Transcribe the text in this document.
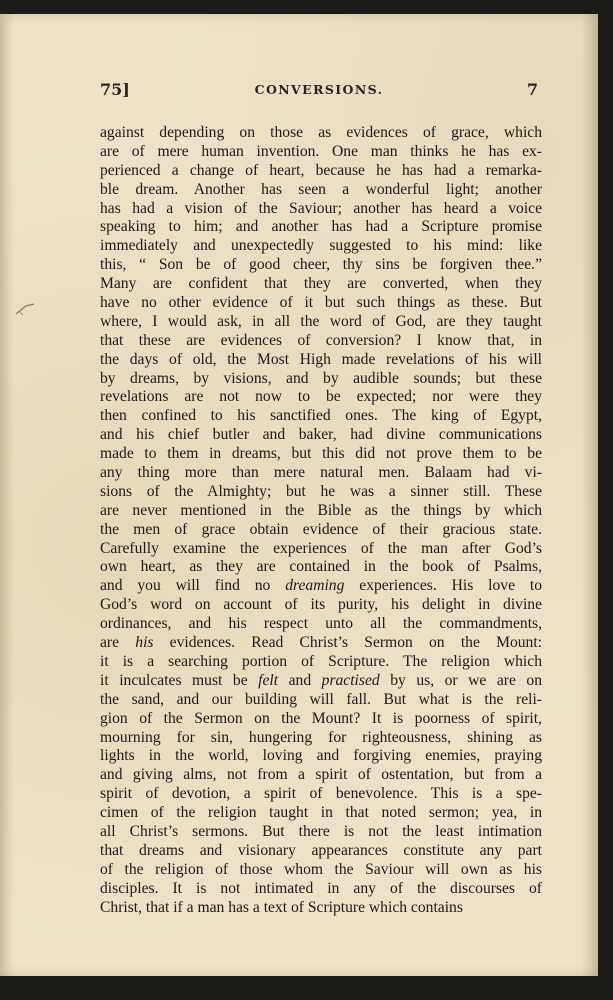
75]	CONVERSIONS.	7
against depending on those as evidences of grace, which
are of mere human invention. One man thinks he has ex-
perienced a change of heart, because he has had a remarka-
ble dream. Another has seen a wonderful light; another
has had a vision of the Saviour; another has heard a voice
speaking to him; and another has had a Scripture promise
immediately and unexpectedly suggested to his mind: like
this, “ Son be of good cheer, thy sins be forgiven thee.”
Many are confident that they are converted, when they
have no other evidence of it but such things as these. But
where, I would ask, in all the word of God, are they taught
that these are evidences of conversion? I know that, in
the days of old, the Most High made revelations of his will
by dreams, by visions, and by audible sounds; but these
revelations are not now to be expected; nor were they
then confined to his sanctified ones. The king of Egypt,
and his chief butler and baker, had divine communications
made to them in dreams, but this did not prove them to be
any thing more than mere natural men. Balaam had vi-
sions of the Almighty; but he was a sinner still. These
are never mentioned in the Bible as the things by which
the men of grace obtain evidence of their gracious state.
Carefully examine the experiences of the man after God’s
own heart, as they are contained in the book of Psalms,
and you will find no dreaming experiences. His love to
God’s word on account of its purity, his delight in divine
ordinances, and his respect unto all the commandments,
are his evidences. Read Christ’s Sermon on the Mount:
it is a searching portion of Scripture. The religion which
it inculcates must be felt and practised by us, or we are on
the sand, and our building will fall. But what is the reli-
gion of the Sermon on the Mount? It is poorness of spirit,
mourning for sin, hungering for righteousness, shining as
lights in the world, loving and forgiving enemies, praying
and giving alms, not from a spirit of ostentation, but from a
spirit of devotion, a spirit of benevolence. This is a spe-
cimen of the religion taught in that noted sermon; yea, in
all Christ’s sermons. But there is not the least intimation
that dreams and visionary appearances constitute any part
of the religion of those whom the Saviour will own as his
disciples. It is not intimated in any of the discourses of
Christ, that if a man has a text of Scripture which contains
